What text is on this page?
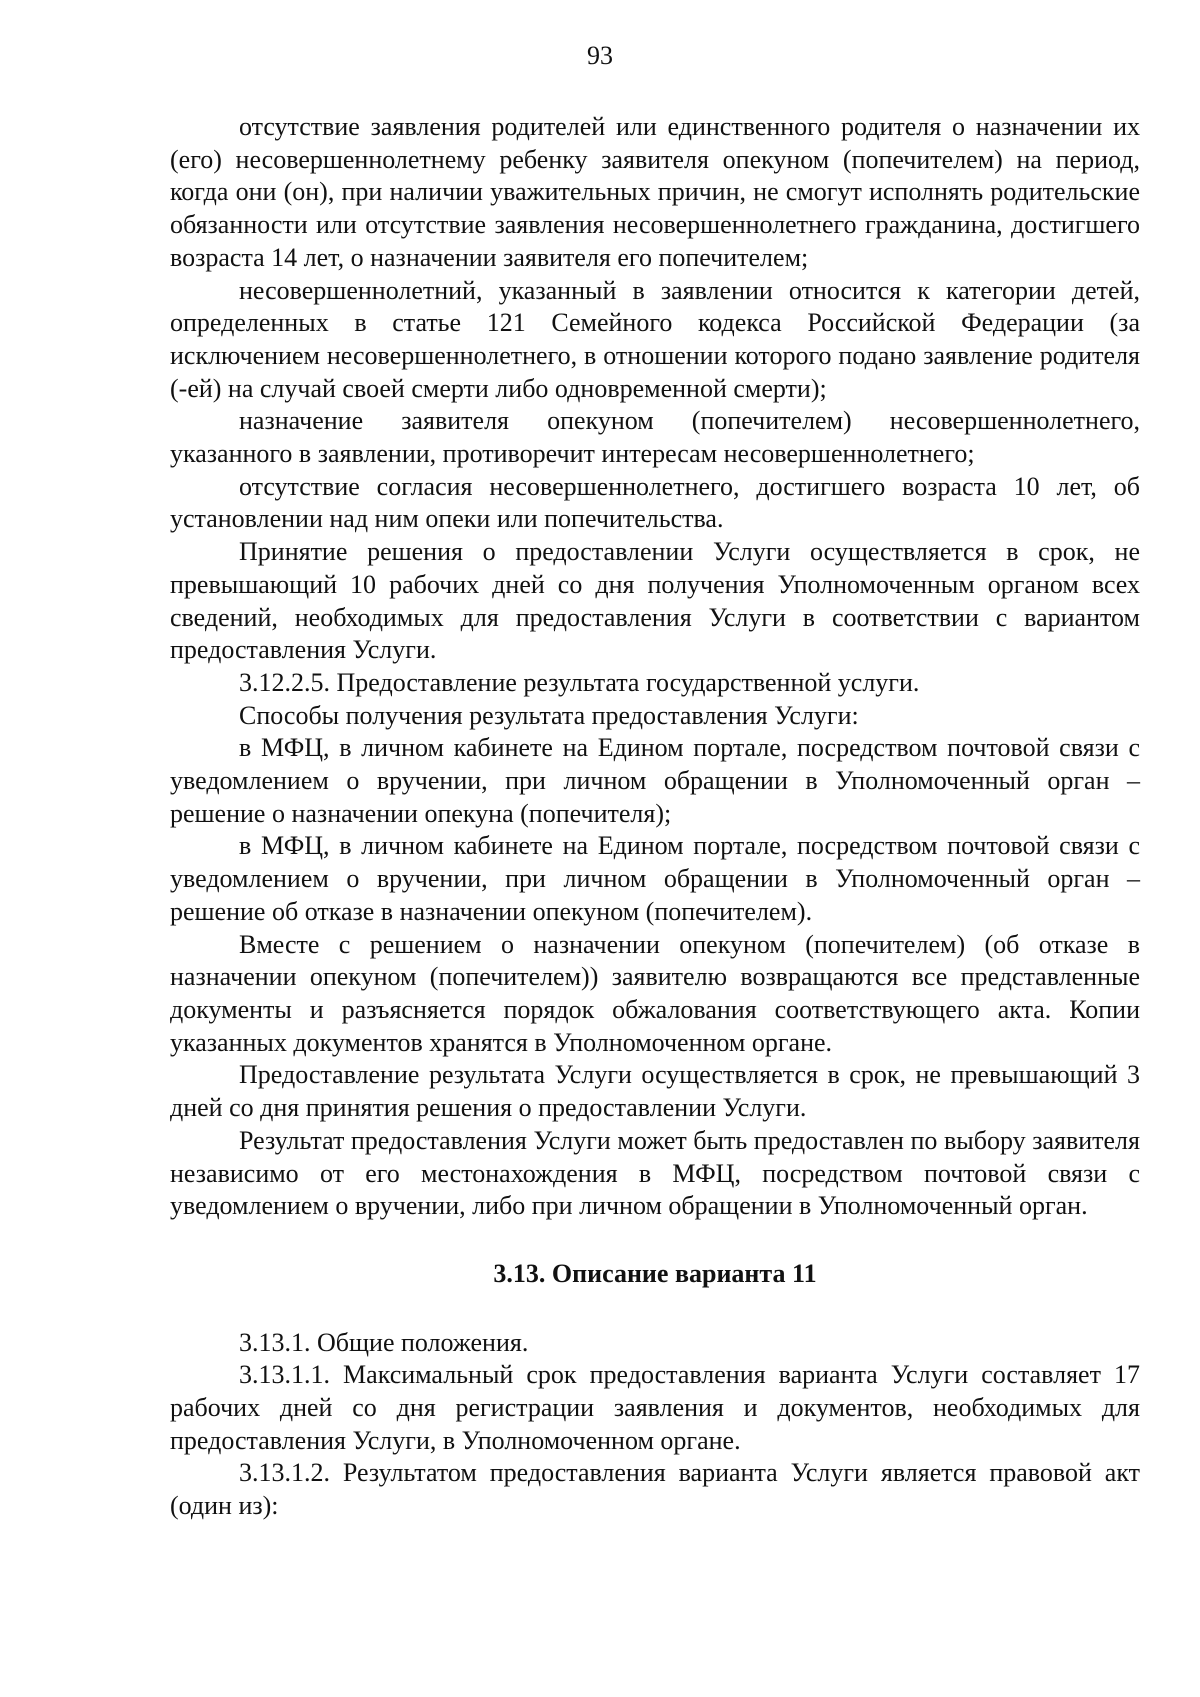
93

отсутствие заявления родителей или единственного родителя о назначении их (его) несовершеннолетнему ребенку заявителя опекуном (попечителем) на период, когда они (он), при наличии уважительных причин, не смогут исполнять родительские обязанности или отсутствие заявления несовершеннолетнего гражданина, достигшего возраста 14 лет, о назначении заявителя его попечителем;

несовершеннолетний, указанный в заявлении относится к категории детей, определенных в статье 121 Семейного кодекса Российской Федерации (за исключением несовершеннолетнего, в отношении которого подано заявление родителя (-ей) на случай своей смерти либо одновременной смерти);

назначение заявителя опекуном (попечителем) несовершеннолетнего, указанного в заявлении, противоречит интересам несовершеннолетнего;

отсутствие согласия несовершеннолетнего, достигшего возраста 10 лет, об установлении над ним опеки или попечительства.

Принятие решения о предоставлении Услуги осуществляется в срок, не превышающий 10 рабочих дней со дня получения Уполномоченным органом всех сведений, необходимых для предоставления Услуги в соответствии с вариантом предоставления Услуги.

3.12.2.5. Предоставление результата государственной услуги.

Способы получения результата предоставления Услуги:

в МФЦ, в личном кабинете на Едином портале, посредством почтовой связи с уведомлением о вручении, при личном обращении в Уполномоченный орган – решение о назначении опекуна (попечителя);

в МФЦ, в личном кабинете на Едином портале, посредством почтовой связи с уведомлением о вручении, при личном обращении в Уполномоченный орган – решение об отказе в назначении опекуном (попечителем).

Вместе с решением о назначении опекуном (попечителем) (об отказе в назначении опекуном (попечителем)) заявителю возвращаются все представленные документы и разъясняется порядок обжалования соответствующего акта. Копии указанных документов хранятся в Уполномоченном органе.

Предоставление результата Услуги осуществляется в срок, не превышающий 3 дней со дня принятия решения о предоставлении Услуги.

Результат предоставления Услуги может быть предоставлен по выбору заявителя независимо от его местонахождения в МФЦ, посредством почтовой связи с уведомлением о вручении, либо при личном обращении в Уполномоченный орган.

3.13. Описание варианта 11

3.13.1. Общие положения.

3.13.1.1. Максимальный срок предоставления варианта Услуги составляет 17 рабочих дней со дня регистрации заявления и документов, необходимых для предоставления Услуги, в Уполномоченном органе.

3.13.1.2. Результатом предоставления варианта Услуги является правовой акт (один из):
